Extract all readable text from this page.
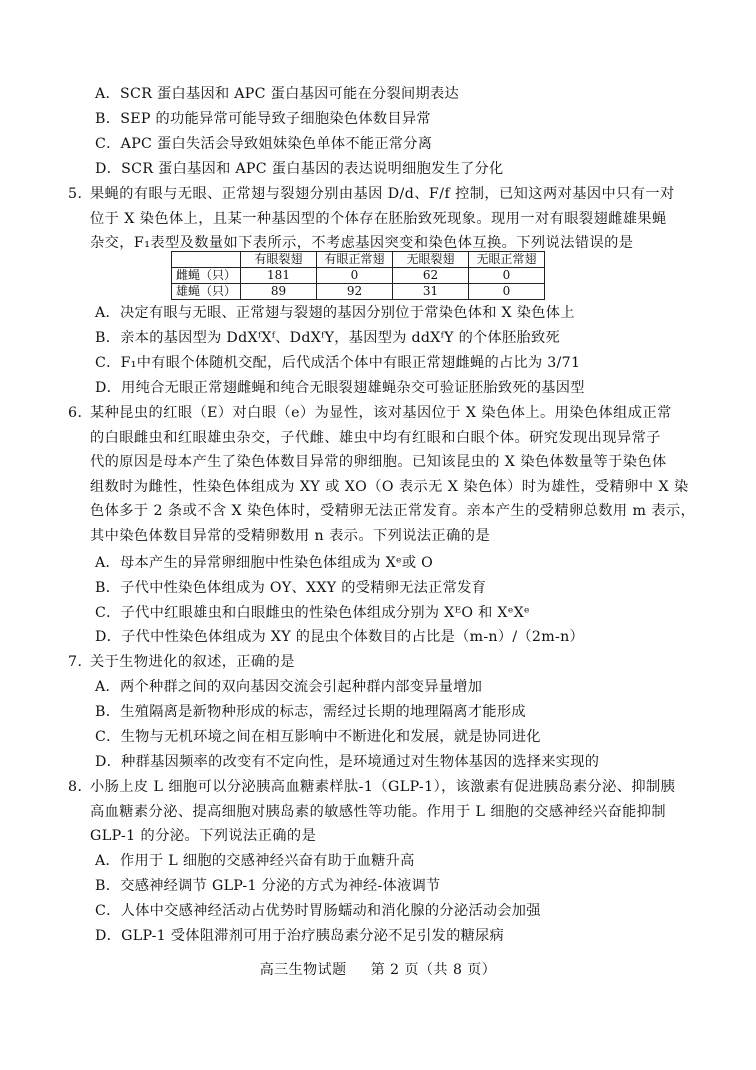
A．SCR 蛋白基因和 APC 蛋白基因可能在分裂间期表达
B．SEP 的功能异常可能导致子细胞染色体数目异常
C．APC 蛋白失活会导致姐妹染色单体不能正常分离
D．SCR 蛋白基因和 APC 蛋白基因的表达说明细胞发生了分化
5．果蝇的有眼与无眼、正常翅与裂翅分别由基因 D/d、F/f 控制，已知这两对基因中只有一对
位于 X 染色体上，且某一种基因型的个体存在胚胎致死现象。现用一对有眼裂翅雌雄果蝇
杂交，F₁表型及数量如下表所示，不考虑基因突变和染色体互换。下列说法错误的是
	有眼裂翅	有眼正常翅	无眼裂翅	无眼正常翅
雌蝇（只）	181	0	62	0
雄蝇（只）	89	92	31	0
A．决定有眼与无眼、正常翅与裂翅的基因分别位于常染色体和 X 染色体上
B．亲本的基因型为 DdXᶠXᶠ、DdXᶠY，基因型为 ddXᶠY 的个体胚胎致死
C．F₁中有眼个体随机交配，后代成活个体中有眼正常翅雌蝇的占比为 3/71
D．用纯合无眼正常翅雌蝇和纯合无眼裂翅雄蝇杂交可验证胚胎致死的基因型
6．某种昆虫的红眼（E）对白眼（e）为显性，该对基因位于 X 染色体上。用染色体组成正常
的白眼雌虫和红眼雄虫杂交，子代雌、雄虫中均有红眼和白眼个体。研究发现出现异常子
代的原因是母本产生了染色体数目异常的卵细胞。已知该昆虫的 X 染色体数量等于染色体
组数时为雌性，性染色体组成为 XY 或 XO（O 表示无 X 染色体）时为雄性，受精卵中 X 染
色体多于 2 条或不含 X 染色体时，受精卵无法正常发育。亲本产生的受精卵总数用 m 表示，
其中染色体数目异常的受精卵数用 n 表示。下列说法正确的是
A．母本产生的异常卵细胞中性染色体组成为 Xᵉ或 O
B．子代中性染色体组成为 OY、XXY 的受精卵无法正常发育
C．子代中红眼雄虫和白眼雌虫的性染色体组成分别为 XᴱO 和 XᵉXᵉ
D．子代中性染色体组成为 XY 的昆虫个体数目的占比是（m-n）/（2m-n）
7．关于生物进化的叙述，正确的是
A．两个种群之间的双向基因交流会引起种群内部变异量增加
B．生殖隔离是新物种形成的标志，需经过长期的地理隔离才能形成
C．生物与无机环境之间在相互影响中不断进化和发展，就是协同进化
D．种群基因频率的改变有不定向性，是环境通过对生物体基因的选择来实现的
8．小肠上皮 L 细胞可以分泌胰高血糖素样肽-1（GLP-1），该激素有促进胰岛素分泌、抑制胰
高血糖素分泌、提高细胞对胰岛素的敏感性等功能。作用于 L 细胞的交感神经兴奋能抑制
GLP-1 的分泌。下列说法正确的是
A．作用于 L 细胞的交感神经兴奋有助于血糖升高
B．交感神经调节 GLP-1 分泌的方式为神经-体液调节
C．人体中交感神经活动占优势时胃肠蠕动和消化腺的分泌活动会加强
D．GLP-1 受体阻滞剂可用于治疗胰岛素分泌不足引发的糖尿病
高三生物试题 第 2 页（共 8 页）
